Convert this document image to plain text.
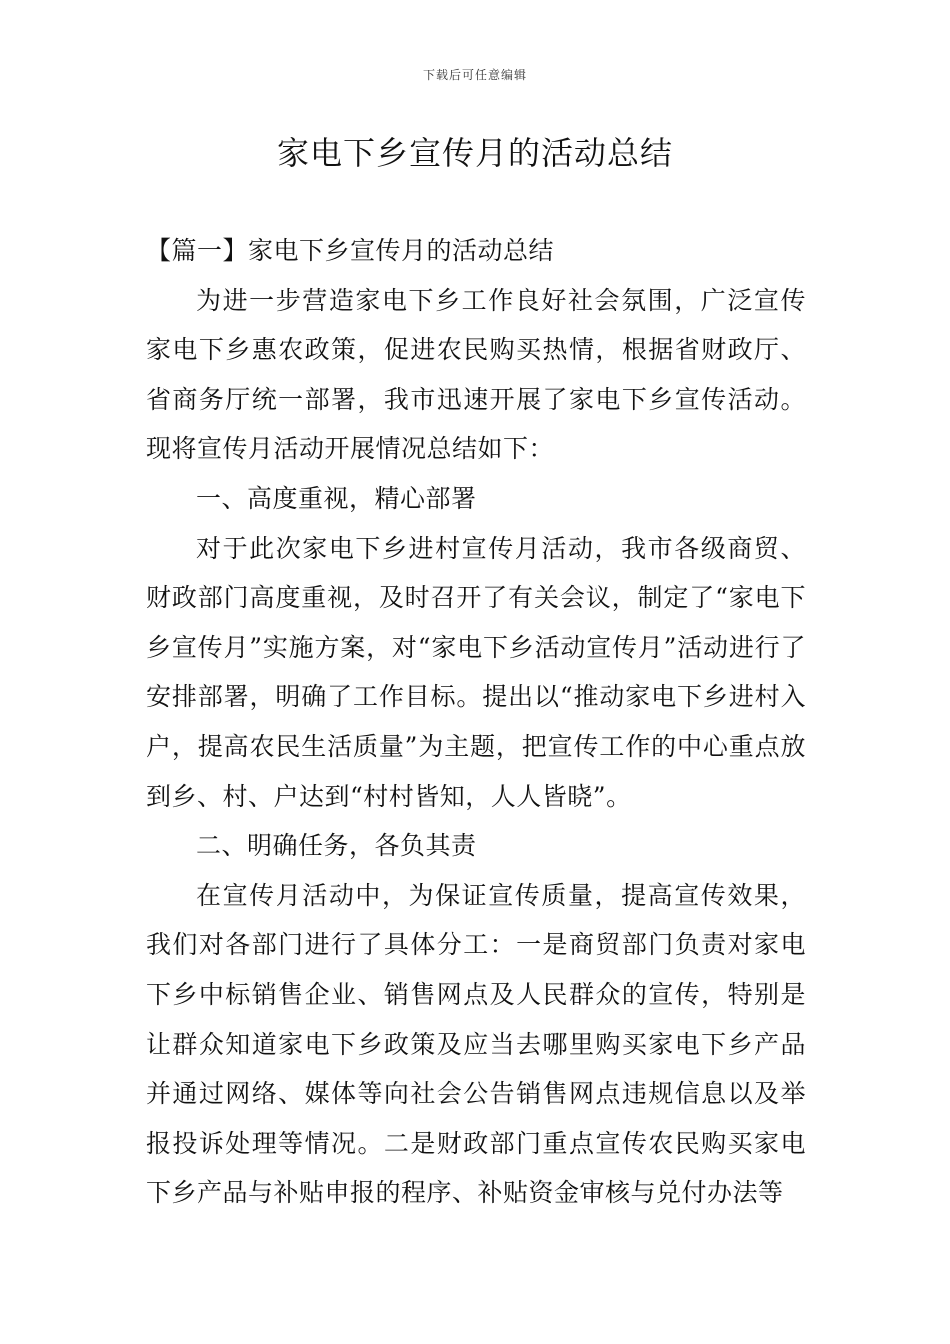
下载后可任意编辑
家电下乡宣传月的活动总结

【篇一】家电下乡宣传月的活动总结

为进一步营造家电下乡工作良好社会氛围，广泛宣传家电下乡惠农政策，促进农民购买热情，根据省财政厅、省商务厅统一部署，我市迅速开展了家电下乡宣传活动。现将宣传月活动开展情况总结如下：

一、高度重视，精心部署

对于此次家电下乡进村宣传月活动，我市各级商贸、财政部门高度重视，及时召开了有关会议，制定了“家电下乡宣传月”实施方案，对“家电下乡活动宣传月”活动进行了安排部署，明确了工作目标。提出以“推动家电下乡进村入户，提高农民生活质量”为主题，把宣传工作的中心重点放到乡、村、户达到“村村皆知，人人皆晓”。

二、明确任务，各负其责

在宣传月活动中，为保证宣传质量，提高宣传效果，我们对各部门进行了具体分工：一是商贸部门负责对家电下乡中标销售企业、销售网点及人民群众的宣传，特别是让群众知道家电下乡政策及应当去哪里购买家电下乡产品并通过网络、媒体等向社会公告销售网点违规信息以及举报投诉处理等情况。二是财政部门重点宣传农民购买家电下乡产品与补贴申报的程序、补贴资金审核与兑付办法等
